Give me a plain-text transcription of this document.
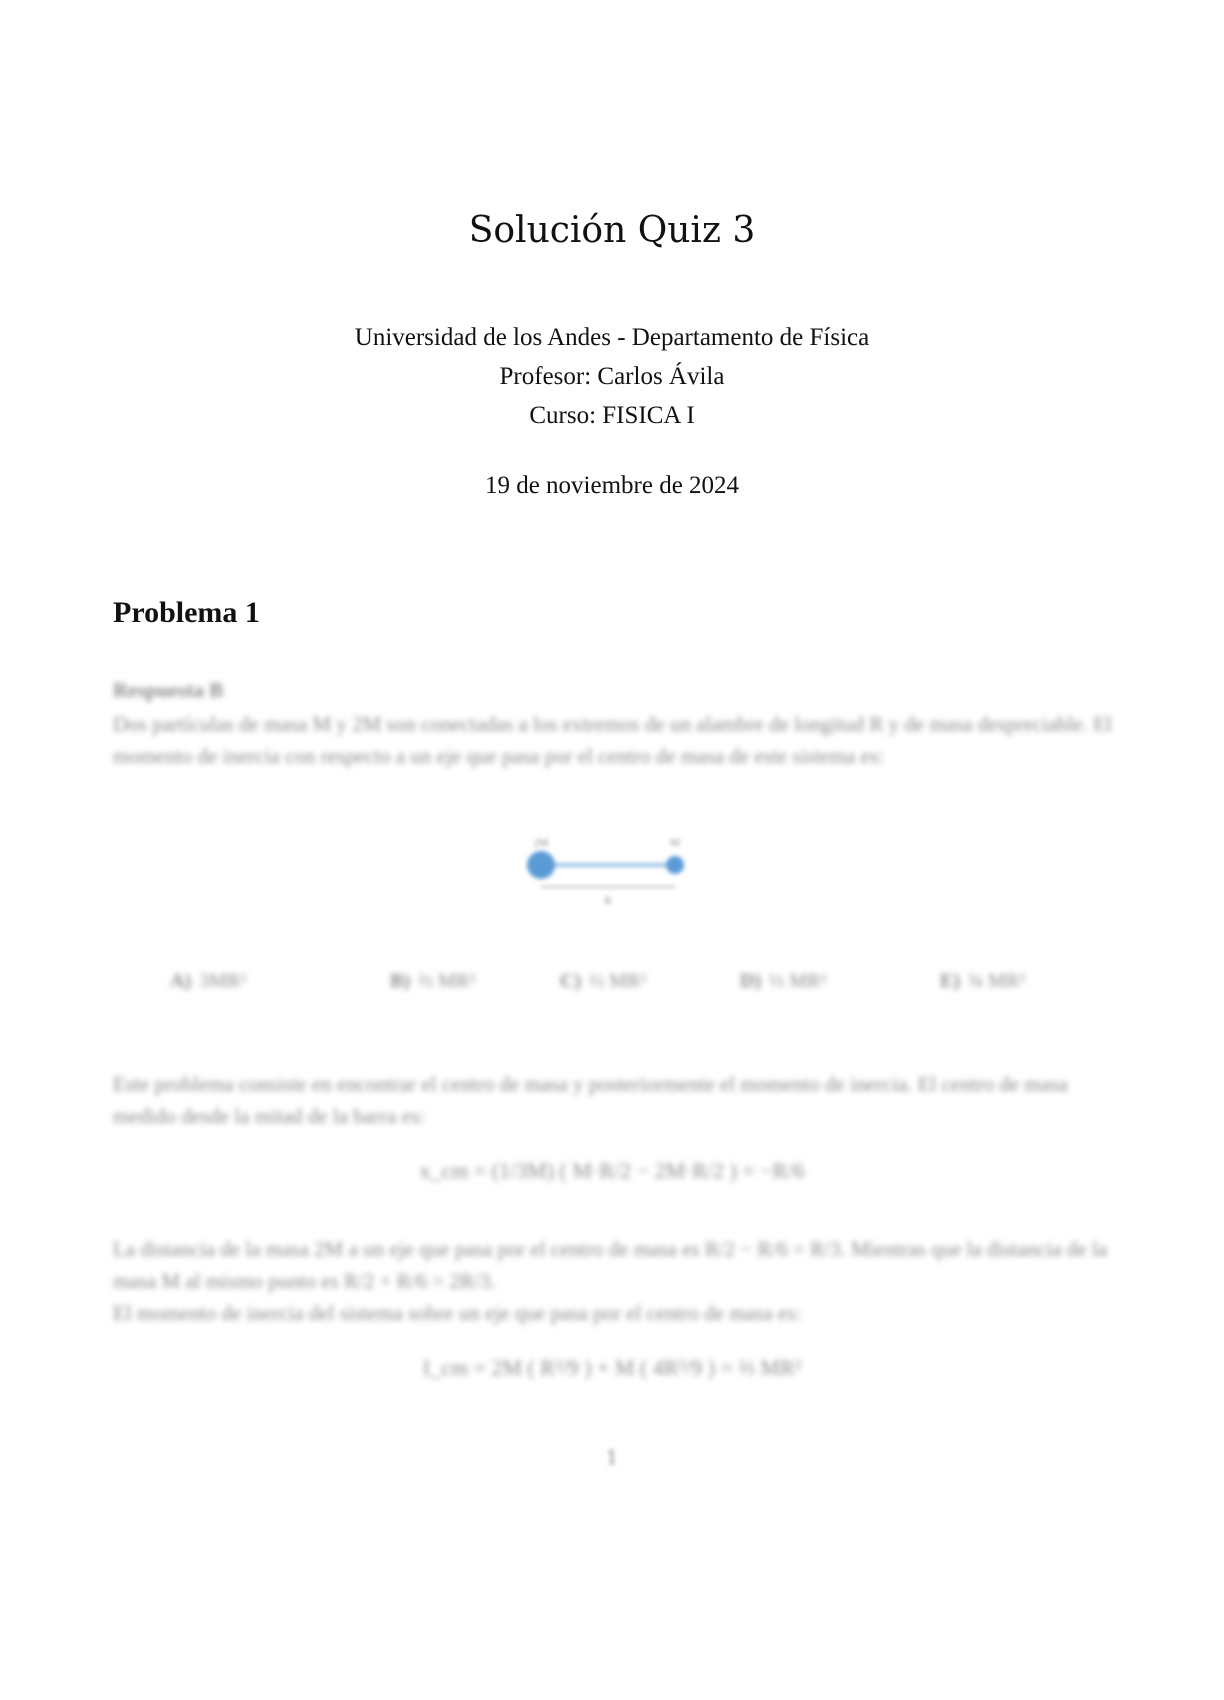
Solución Quiz 3
Universidad de los Andes - Departamento de Física
Profesor: Carlos Ávila
Curso: FISICA I
19 de noviembre de 2024
Problema 1
Respuesta B
Dos partículas de masa M y 2M son conectadas a los extremos de un alambre de longitud R y de masa despreciable. El momento de inercia con respecto a un eje que pasa por el centro de masa de este sistema es:
2M	M
R
A) 3MR²	B) ⅔ MR²	C) ½ MR²	D) ⅓ MR²	E) ¾ MR²
Este problema consiste en encontrar el centro de masa y posteriormente el momento de inercia. El centro de masa medido desde la mitad de la barra es:
x_cm = (1/3M) ( M·R/2 − 2M·R/2 ) = −R/6
La distancia de la masa 2M a un eje que pasa por el centro de masa es R/2 − R/6 = R/3. Mientras que la distancia de la masa M al mismo punto es R/2 + R/6 = 2R/3.
El momento de inercia del sistema sobre un eje que pasa por el centro de masa es:
I_cm = 2M ( R²/9 ) + M ( 4R²/9 ) = ⅔ MR²
1
